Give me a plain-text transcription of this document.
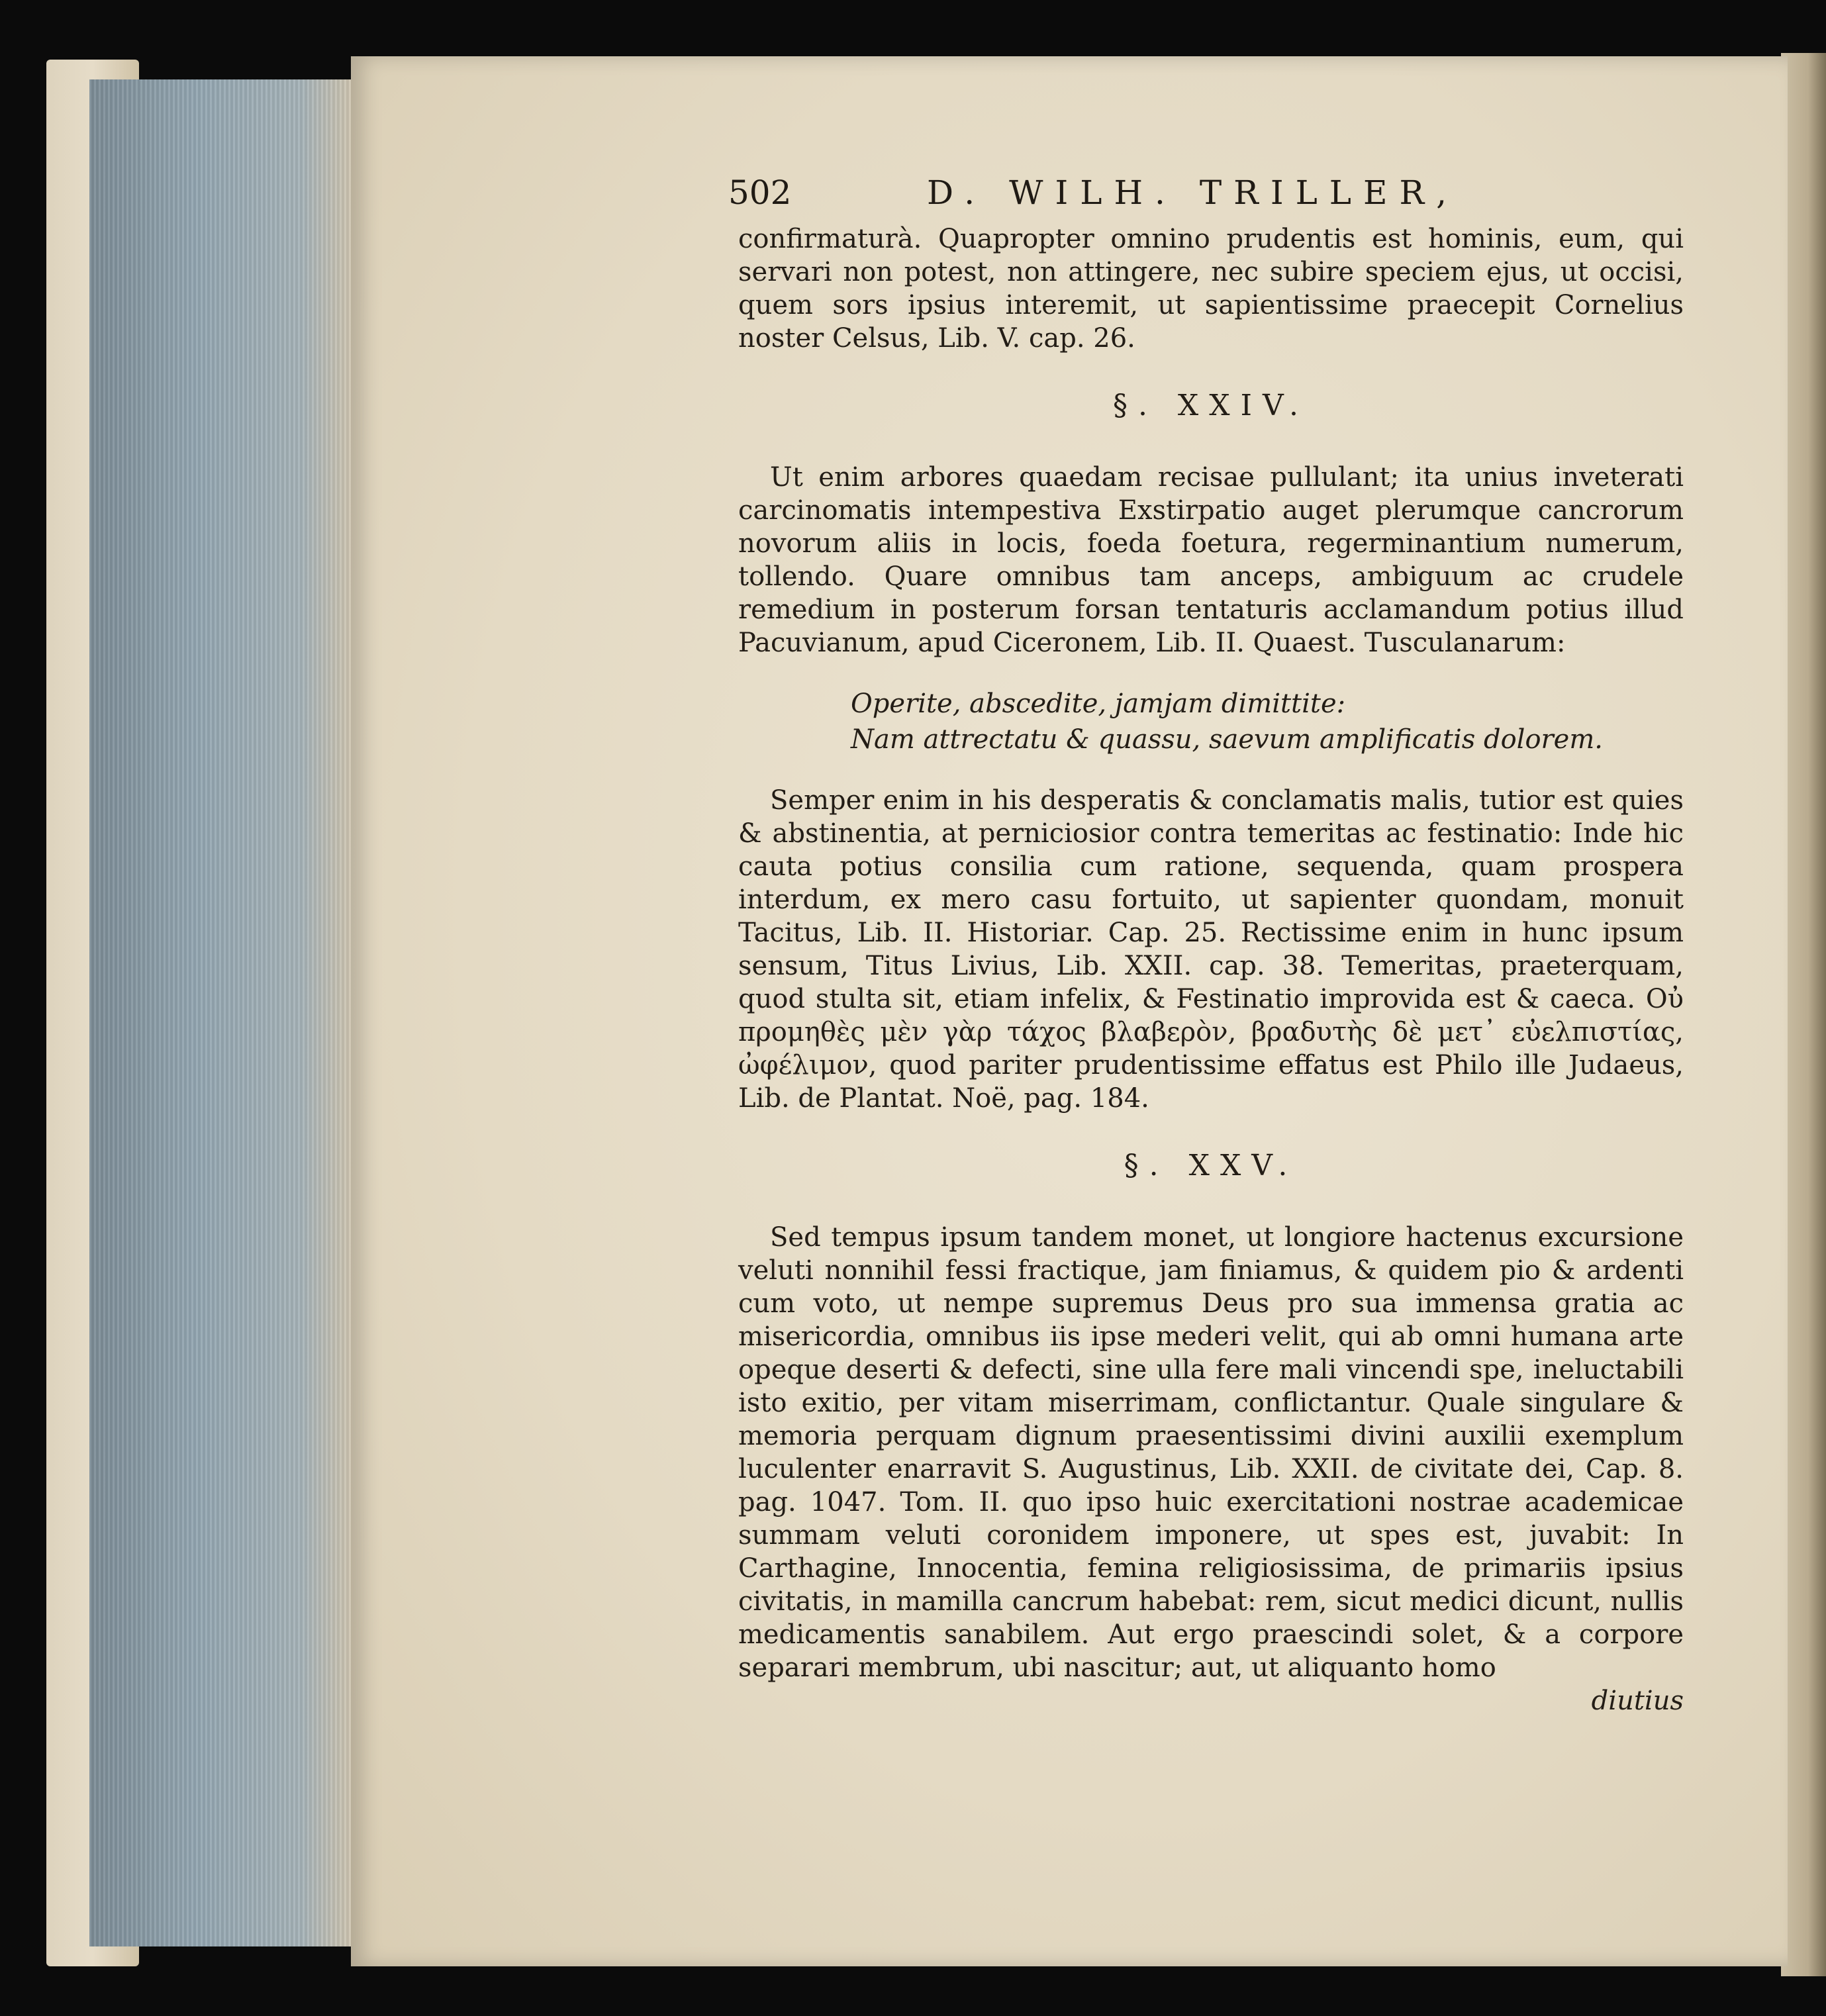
502	D. WILH. TRILLER,

confirmaturà. Quapropter omnino prudentis est hominis, eum, qui servari non potest, non attingere, nec subire speciem ejus, ut occisi, quem sors ipsius interemit, ut sapientissime praecepit Cornelius noster Celsus, Lib. V. cap. 26.

§. XXIV.

Ut enim arbores quaedam recisae pullulant; ita unius inveterati carcinomatis intempestiva Exstirpatio auget plerumque cancrorum novorum aliis in locis, foeda foetura, regerminantium numerum, tollendo. Quare omnibus tam anceps, ambiguum ac crudele remedium in posterum forsan tentaturis acclamandum potius illud Pacuvianum, apud Ciceronem, Lib. II. Quaest. Tusculanarum:

Operite, abscedite, jamjam dimittite:
Nam attrectatu & quassu, saevum amplificatis dolorem.

Semper enim in his desperatis & conclamatis malis, tutior est quies & abstinentia, at perniciosior contra temeritas ac festinatio: Inde hic cauta potius consilia cum ratione, sequenda, quam prospera interdum, ex mero casu fortuito, ut sapienter quondam, monuit Tacitus, Lib. II. Historiar. Cap. 25. Rectissime enim in hunc ipsum sensum, Titus Livius, Lib. XXII. cap. 38. Temeritas, praeterquam, quod stulta sit, etiam infelix, & Festinatio improvida est & caeca. Οὐ προμηθὲς μὲν γὰρ τάχος βλαβερὸν, βραδυτὴς δὲ μετ᾽ εὐελπιστίας, ὠφέλιμον, quod pariter prudentissime effatus est Philo ille Judaeus, Lib. de Plantat. Noë, pag. 184.

§. XXV.

Sed tempus ipsum tandem monet, ut longiore hactenus excursione veluti nonnihil fessi fractique, jam finiamus, & quidem pio & ardenti cum voto, ut nempe supremus Deus pro sua immensa gratia ac misericordia, omnibus iis ipse mederi velit, qui ab omni humana arte opeque deserti & defecti, sine ulla fere mali vincendi spe, ineluctabili isto exitio, per vitam miserrimam, conflictantur. Quale singulare & memoria perquam dignum praesentissimi divini auxilii exemplum luculenter enarravit S. Augustinus, Lib. XXII. de civitate dei, Cap. 8. pag. 1047. Tom. II. quo ipso huic exercitationi nostrae academicae summam veluti coronidem imponere, ut spes est, juvabit: In Carthagine, Innocentia, femina religiosissima, de primariis ipsius civitatis, in mamilla cancrum habebat: rem, sicut medici dicunt, nullis medicamentis sanabilem. Aut ergo praescindi solet, & a corpore separari membrum, ubi nascitur; aut, ut aliquanto homo

diutius
